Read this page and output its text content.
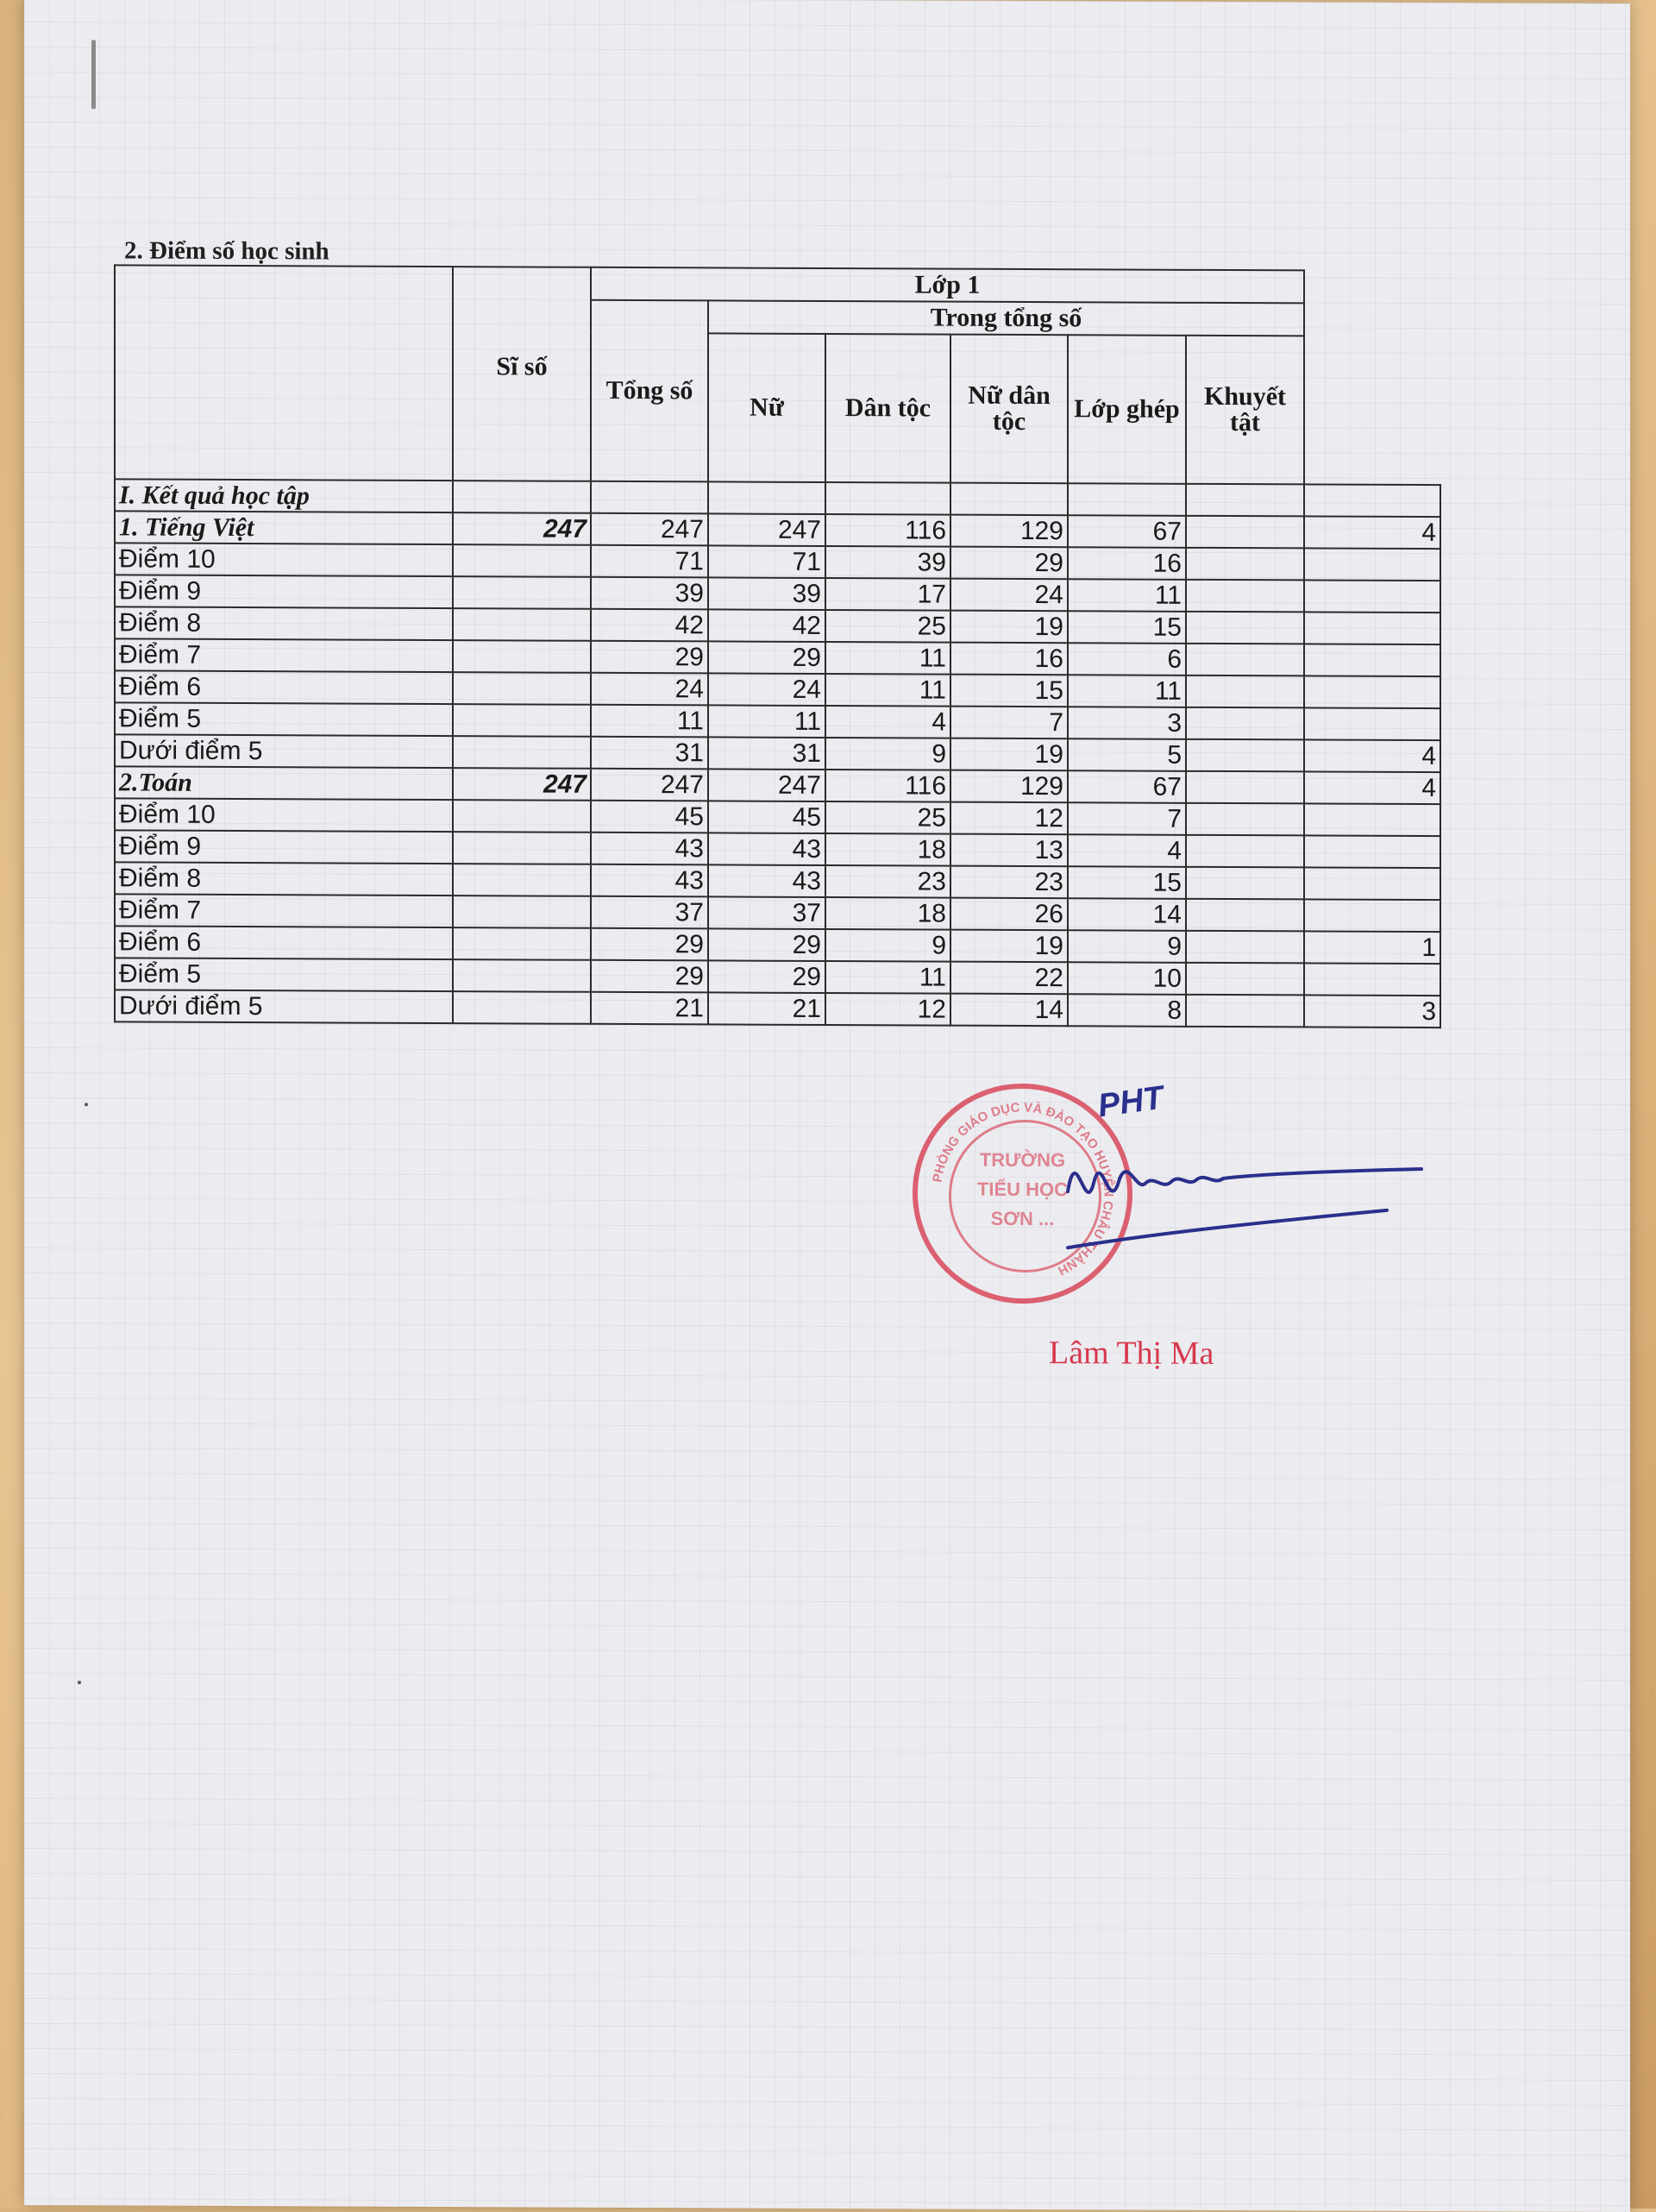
2. Điểm số học sinh
	Sĩ số	Lớp 1						
		Tổng số	Trong tổng số					
			Nữ	Dân tộc	Nữ dân tộc	Lớp ghép	Khuyết tật	
I. Kết quả học tập								
1. Tiếng Việt	247	247	247	116	129	67		4
Điểm 10		71	71	39	29	16		
Điểm 9		39	39	17	24	11		
Điểm 8		42	42	25	19	15		
Điểm 7		29	29	11	16	6		
Điểm 6		24	24	11	15	11		
Điểm 5		11	11	4	7	3		
Dưới điểm 5		31	31	9	19	5		4
2.Toán	247	247	247	116	129	67		4
Điểm 10		45	45	25	12	7		
Điểm 9		43	43	18	13	4		
Điểm 8		43	43	23	23	15		
Điểm 7		37	37	18	26	14		
Điểm 6		29	29	9	19	9		1
Điểm 5		29	29	11	22	10		
Dưới điểm 5		21	21	12	14	8		3
PHÒNG GIÁO DỤC VÀ ĐÀO TẠO HUYỆN CHÂU THÀNH
TRƯỜNG
TIỂU HỌC
SƠN ...
PHT
Lâm Thị Ma
